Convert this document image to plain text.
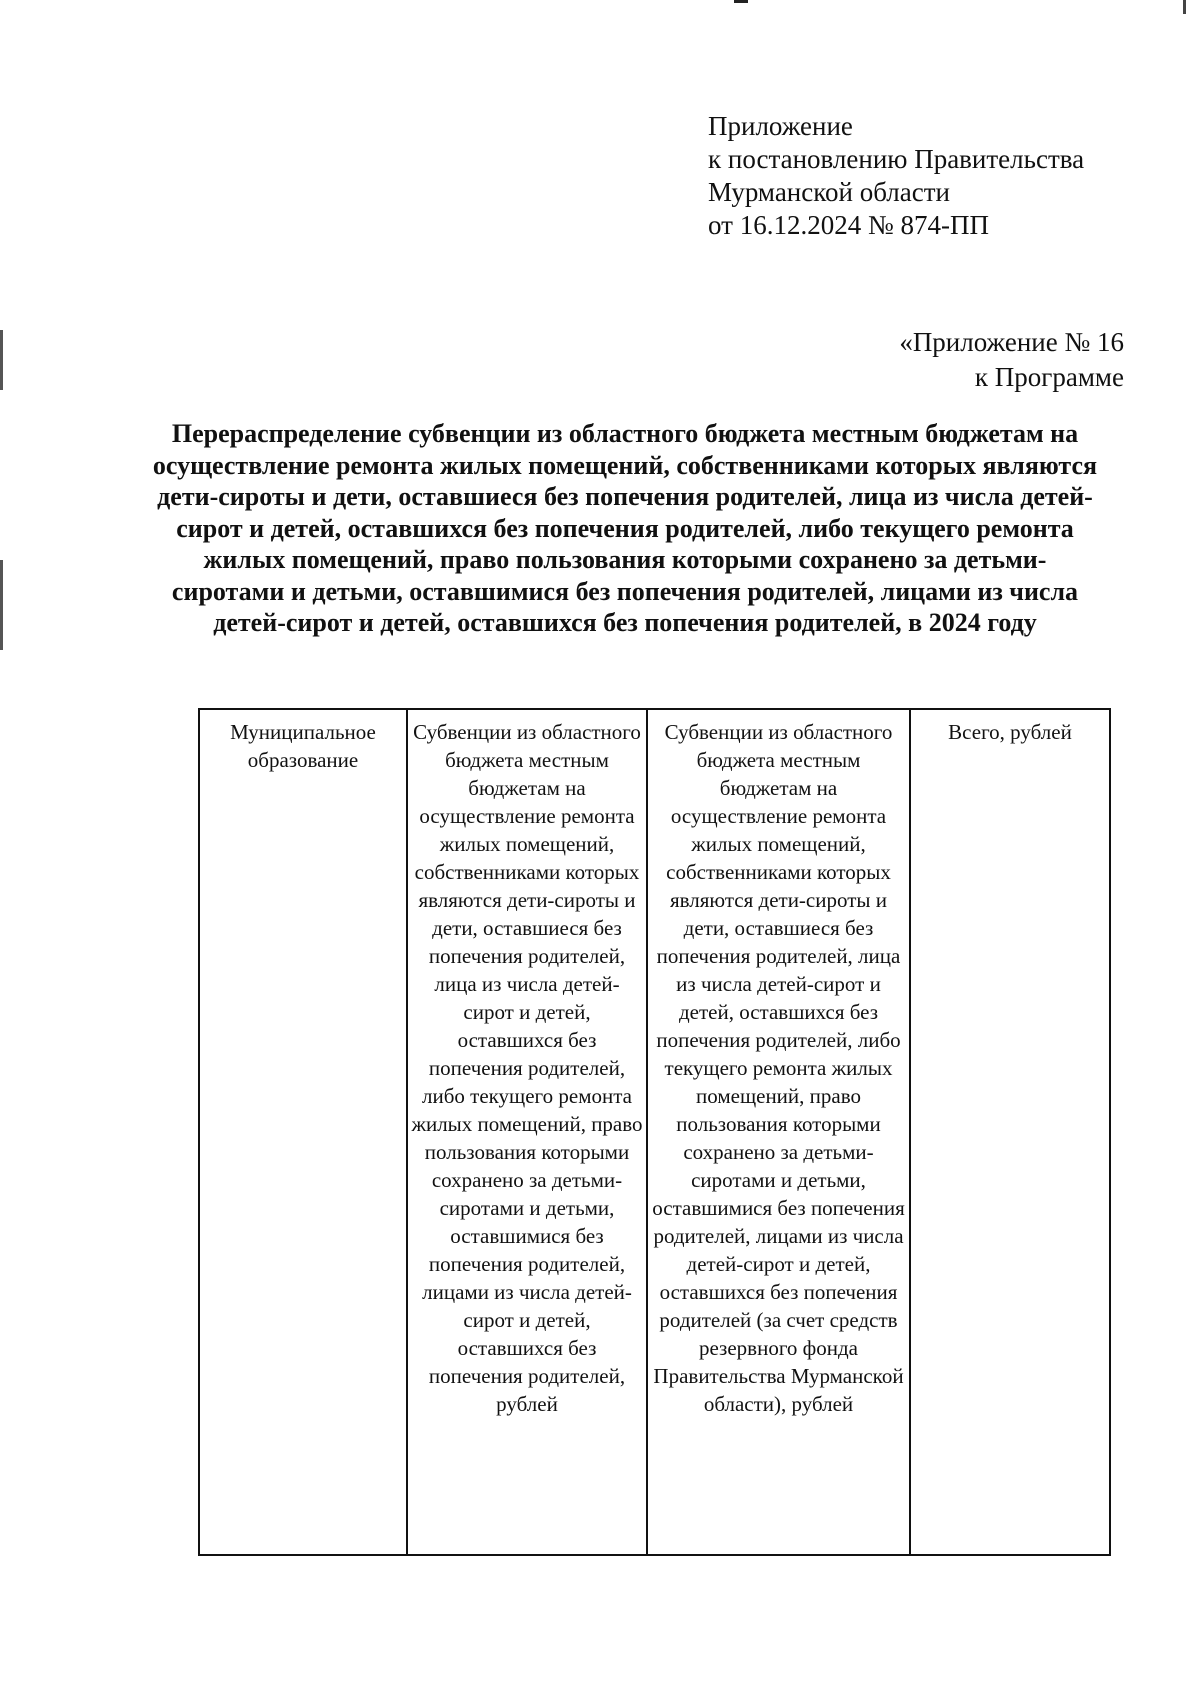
Приложение
к постановлению Правительства
Мурманской области
от 16.12.2024 № 874-ПП
«Приложение № 16
к Программе
Перераспределение субвенции из областного бюджета местным бюджетам на осуществление ремонта жилых помещений, собственниками которых являются дети-сироты и дети, оставшиеся без попечения родителей, лица из числа детей-сирот и детей, оставшихся без попечения родителей, либо текущего ремонта жилых помещений, право пользования которыми сохранено за детьми-сиротами и детьми, оставшимися без попечения родителей, лицами из числа детей-сирот и детей, оставшихся без попечения родителей, в 2024 году
Муниципальное образование	Субвенции из областного бюджета местным бюджетам на осуществление ремонта жилых помещений, собственниками которых являются дети-сироты и дети, оставшиеся без попечения родителей, лица из числа детей-сирот и детей, оставшихся без попечения родителей, либо текущего ремонта жилых помещений, право пользования которыми сохранено за детьми-сиротами и детьми, оставшимися без попечения родителей, лицами из числа детей-сирот и детей, оставшихся без попечения родителей, рублей	Субвенции из областного бюджета местным бюджетам на осуществление ремонта жилых помещений, собственниками которых являются дети-сироты и дети, оставшиеся без попечения родителей, лица из числа детей-сирот и детей, оставшихся без попечения родителей, либо текущего ремонта жилых помещений, право пользования которыми сохранено за детьми-сиротами и детьми, оставшимися без попечения родителей, лицами из числа детей-сирот и детей, оставшихся без попечения родителей (за счет средств резервного фонда Правительства Мурманской области), рублей	Всего, рублей
